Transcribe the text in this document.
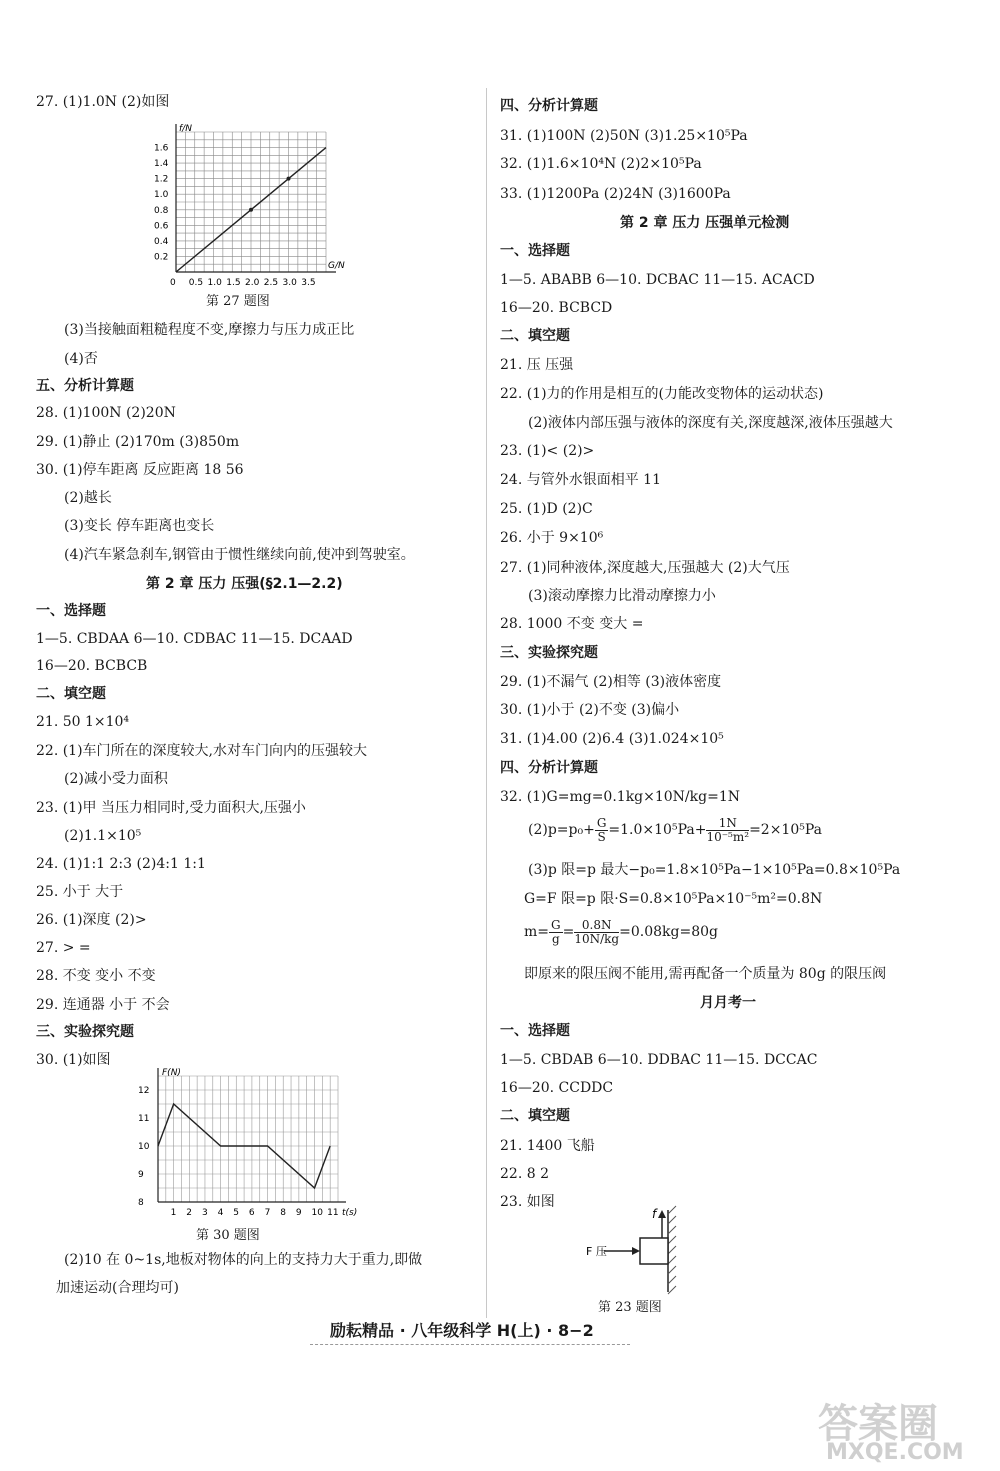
27. (1)1.0N (2)如图
0 0.5 1.0 1.5 2.0 2.5 3.0 3.5
0.2
0.4
0.6
0.8
1.0
1.2
1.4
1.6
f/N
G/N
第 27 题图
(3)当接触面粗糙程度不变,摩擦力与压力成正比
(4)否
五、分析计算题
28. (1)100N (2)20N
29. (1)静止 (2)170m (3)850m
30. (1)停车距离 反应距离 18 56
(2)越长
(3)变长 停车距离也变长
(4)汽车紧急刹车,钢管由于惯性继续向前,使冲到驾驶室。
第 2 章 压力 压强(§2.1—2.2)
一、选择题
1—5. CBDAA 6—10. CDBAC 11—15. DCAAD
16—20. BCBCB
二、填空题
21. 50 1×10⁴
22. (1)车门所在的深度较大,水对车门向内的压强较大
(2)减小受力面积
23. (1)甲 当压力相同时,受力面积大,压强小
(2)1.1×10⁵
24. (1)1:1 2:3 (2)4:1 1:1
25. 小于 大于
26. (1)深度 (2)>
27. > =
28. 不变 变小 不变
29. 连通器 小于 不会
三、实验探究题
30. (1)如图
1 2 3 4 5 6 7 8 9 10 11
8
9
10
11
12
F(N)
t(s)
第 30 题图
(2)10 在 0~1s,地板对物体的向上的支持力大于重力,即做
加速运动(合理均可)
四、分析计算题
31. (1)100N (2)50N (3)1.25×10⁵Pa
32. (1)1.6×10⁴N (2)2×10⁵Pa
33. (1)1200Pa (2)24N (3)1600Pa
第 2 章 压力 压强单元检测
一、选择题
1—5. ABABB 6—10. DCBAC 11—15. ACACD
16—20. BCBCD
二、填空题
21. 压 压强
22. (1)力的作用是相互的(力能改变物体的运动状态)
(2)液体内部压强与液体的深度有关,深度越深,液体压强越大
23. (1)< (2)>
24. 与管外水银面相平 11
25. (1)D (2)C
26. 小于 9×10⁶
27. (1)同种液体,深度越大,压强越大 (2)大气压
(3)滚动摩擦力比滑动摩擦力小
28. 1000 不变 变大 =
三、实验探究题
29. (1)不漏气 (2)相等 (3)液体密度
30. (1)小于 (2)不变 (3)偏小
31. (1)4.00 (2)6.4 (3)1.024×10⁵
四、分析计算题
32. (1)G=mg=0.1kg×10N/kg=1N
$(2)p=p_0+ \frac{G}{S} =1.0\times 10^5Pa+ \frac{1N}{\text{10⁻⁵m²}} =2\times 10^5Pa$
(3)p 限=p 最大−p₀=1.8×10⁵Pa−1×10⁵Pa=0.8×10⁵Pa
G=F 限=p 限·S=0.8×10⁵Pa×10⁻⁵m²=0.8N
$m= \frac{G}{g} = \frac{0.8N}{10N/kg} =0.08kg=80g$
即原来的限压阀不能用,需再配备一个质量为 80g 的限压阀
月月考一
一、选择题
1—5. CBDAB 6—10. DDBAC 11—15. DCCAC
16—20. CCDDC
二、填空题
21. 1400 飞船
22. 8 2
23. 如图
f
F 压
第 23 题图
励耘精品 · 八年级科学 H(上) · 8−2
答案圈
MXQE.COM
